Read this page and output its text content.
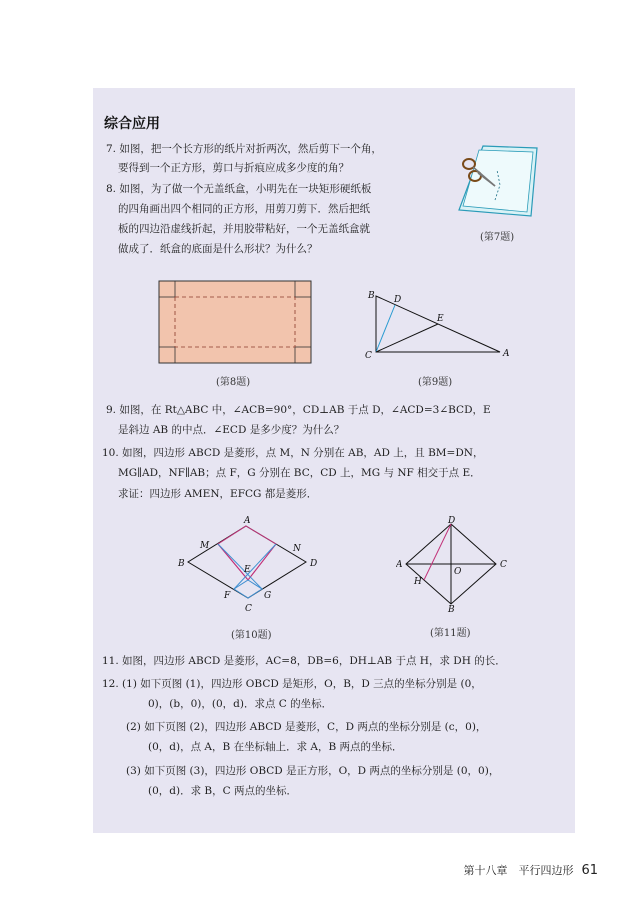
综合应用
7. 如图，把一个长方形的纸片对折两次，然后剪下一个角，
要得到一个正方形，剪口与折痕应成多少度的角？
8. 如图，为了做一个无盖纸盒，小明先在一块矩形硬纸板
的四角画出四个相同的正方形，用剪刀剪下．然后把纸
板的四边沿虚线折起，并用胶带粘好，一个无盖纸盒就
做成了．纸盒的底面是什么形状？为什么？
(第7题)
(第8题)
B D
E
C	A
(第9题)
9. 如图，在 Rt△ABC 中，∠ACB=90°，CD⊥AB 于点 D，∠ACD=3∠BCD，E
是斜边 AB 的中点．∠ECD 是多少度？为什么？
10. 如图，四边形 ABCD 是菱形，点 M，N 分别在 AB，AD 上，且 BM=DN，
MG∥AD，NF∥AB；点 F，G 分别在 BC，CD 上，MG 与 NF 相交于点 E．
求证：四边形 AMEN，EFCG 都是菱形．
A
M	N
B	D
E
F	G
C
(第10题)
D
A
O
C
H
B
(第11题)
11. 如图，四边形 ABCD 是菱形，AC=8，DB=6，DH⊥AB 于点 H，求 DH 的长．
12. (1) 如下页图 (1)，四边形 OBCD 是矩形，O，B，D 三点的坐标分别是 (0，
0)，(b，0)，(0，d)．求点 C 的坐标．
(2) 如下页图 (2)，四边形 ABCD 是菱形，C，D 两点的坐标分别是 (c，0)，
(0，d)，点 A，B 在坐标轴上．求 A，B 两点的坐标．
(3) 如下页图 (3)，四边形 OBCD 是正方形，O，D 两点的坐标分别是 (0，0)，
(0，d)．求 B，C 两点的坐标．
第十八章　平行四边形 61
